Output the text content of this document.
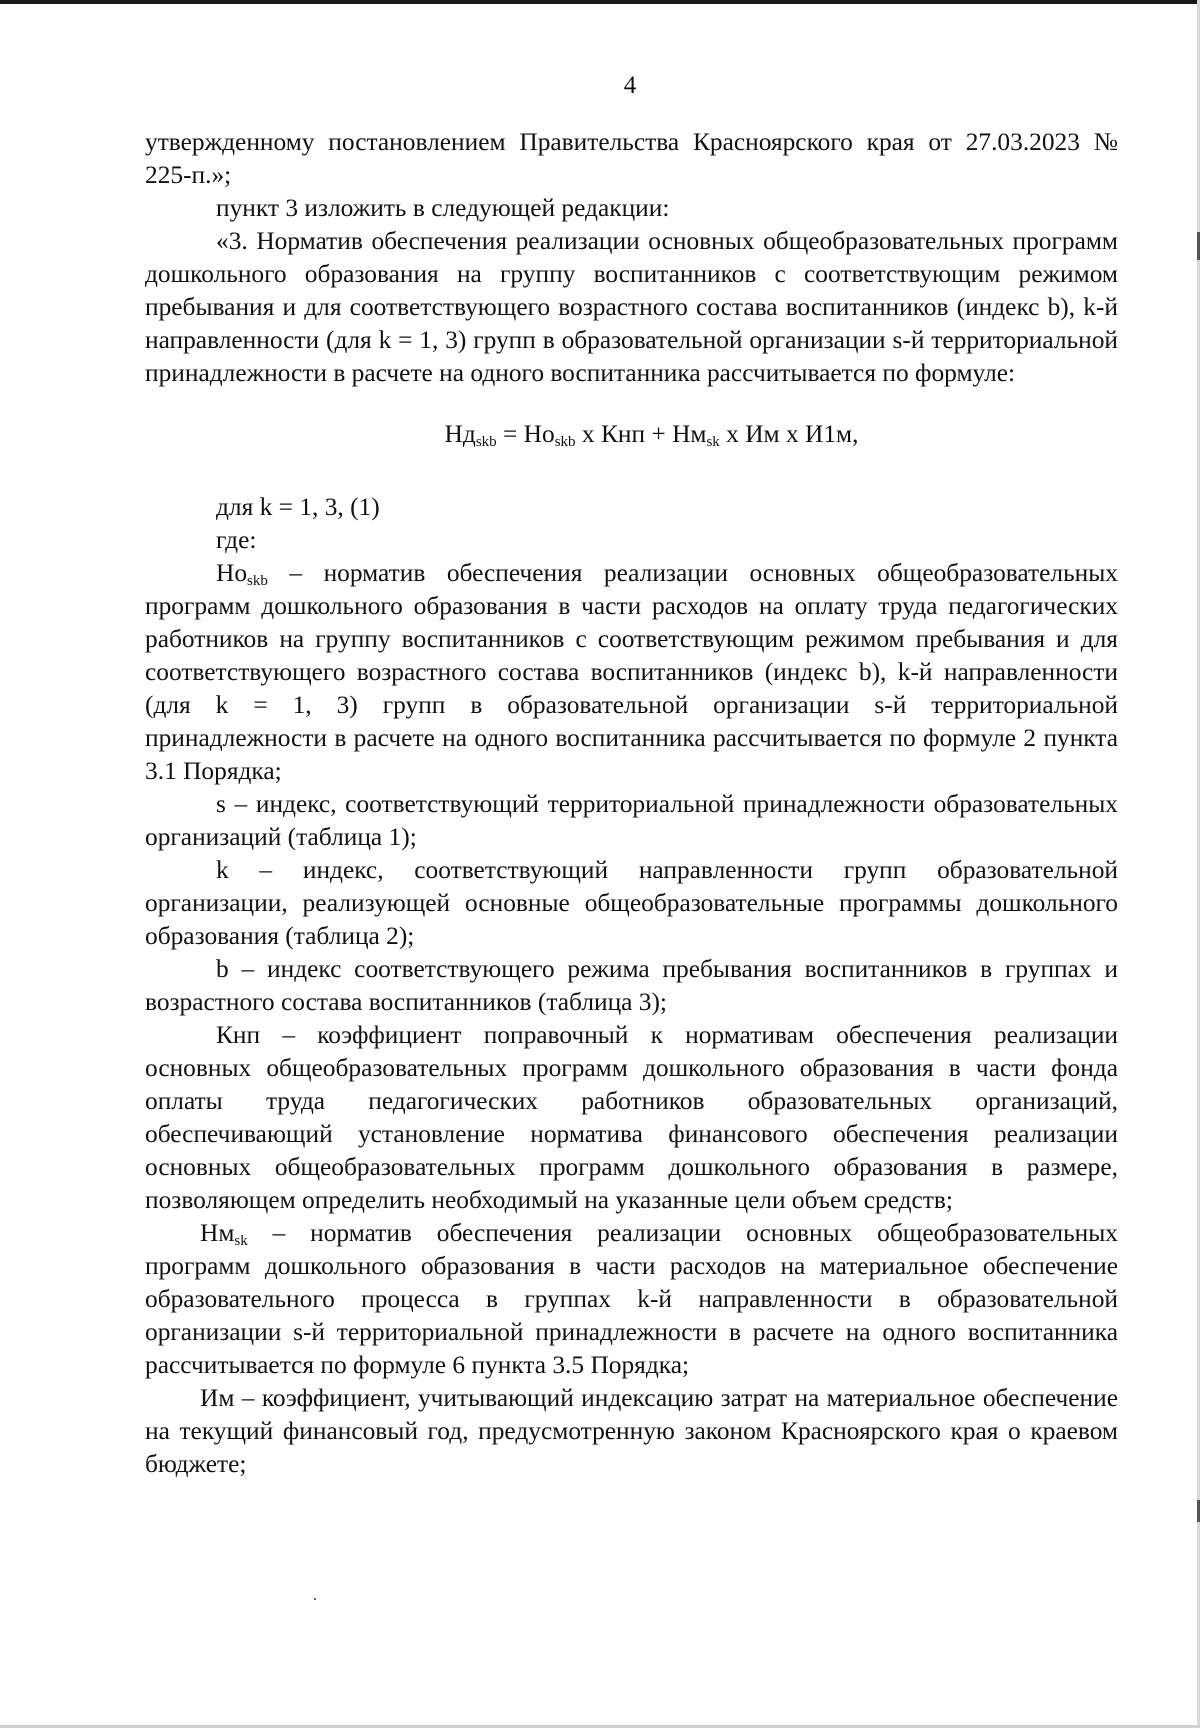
4

утвержденному постановлением Правительства Красноярского края от 27.03.2023 № 225-п.»;

пункт 3 изложить в следующей редакции:

«3. Норматив обеспечения реализации основных общеобразовательных программ дошкольного образования на группу воспитанников с соответствующим режимом пребывания и для соответствующего возрастного состава воспитанников (индекс b), k-й направленности (для k = 1, 3) групп в образовательной организации s-й территориальной принадлежности в расчете на одного воспитанника рассчитывается по формуле:

$Нд_{skb} = Но_{skb}$ х Кнп + $Нм_{sk}$ х Им х И1м,

для k = 1, 3, (1)

где:

$Но_{skb}$ – норматив обеспечения реализации основных общеобразовательных программ дошкольного образования в части расходов на оплату труда педагогических работников на группу воспитанников с соответствующим режимом пребывания и для соответствующего возрастного состава воспитанников (индекс b), k-й направленности (для k = 1, 3) групп в образовательной организации s-й территориальной принадлежности в расчете на одного воспитанника рассчитывается по формуле 2 пункта 3.1 Порядка;

s – индекс, соответствующий территориальной принадлежности образовательных организаций (таблица 1);

k – индекс, соответствующий направленности групп образовательной организации, реализующей основные общеобразовательные программы дошкольного образования (таблица 2);

b – индекс соответствующего режима пребывания воспитанников в группах и возрастного состава воспитанников (таблица 3);

Кнп – коэффициент поправочный к нормативам обеспечения реализации основных общеобразовательных программ дошкольного образования в части фонда оплаты труда педагогических работников образовательных организаций, обеспечивающий установление норматива финансового обеспечения реализации основных общеобразовательных программ дошкольного образования в размере, позволяющем определить необходимый на указанные цели объем средств;

$Нм_{sk}$ – норматив обеспечения реализации основных общеобразовательных программ дошкольного образования в части расходов на материальное обеспечение образовательного процесса в группах k-й направленности в образовательной организации s-й территориальной принадлежности в расчете на одного воспитанника рассчитывается по формуле 6 пункта 3.5 Порядка;

Им – коэффициент, учитывающий индексацию затрат на материальное обеспечение на текущий финансовый год, предусмотренную законом Красноярского края о краевом бюджете;
